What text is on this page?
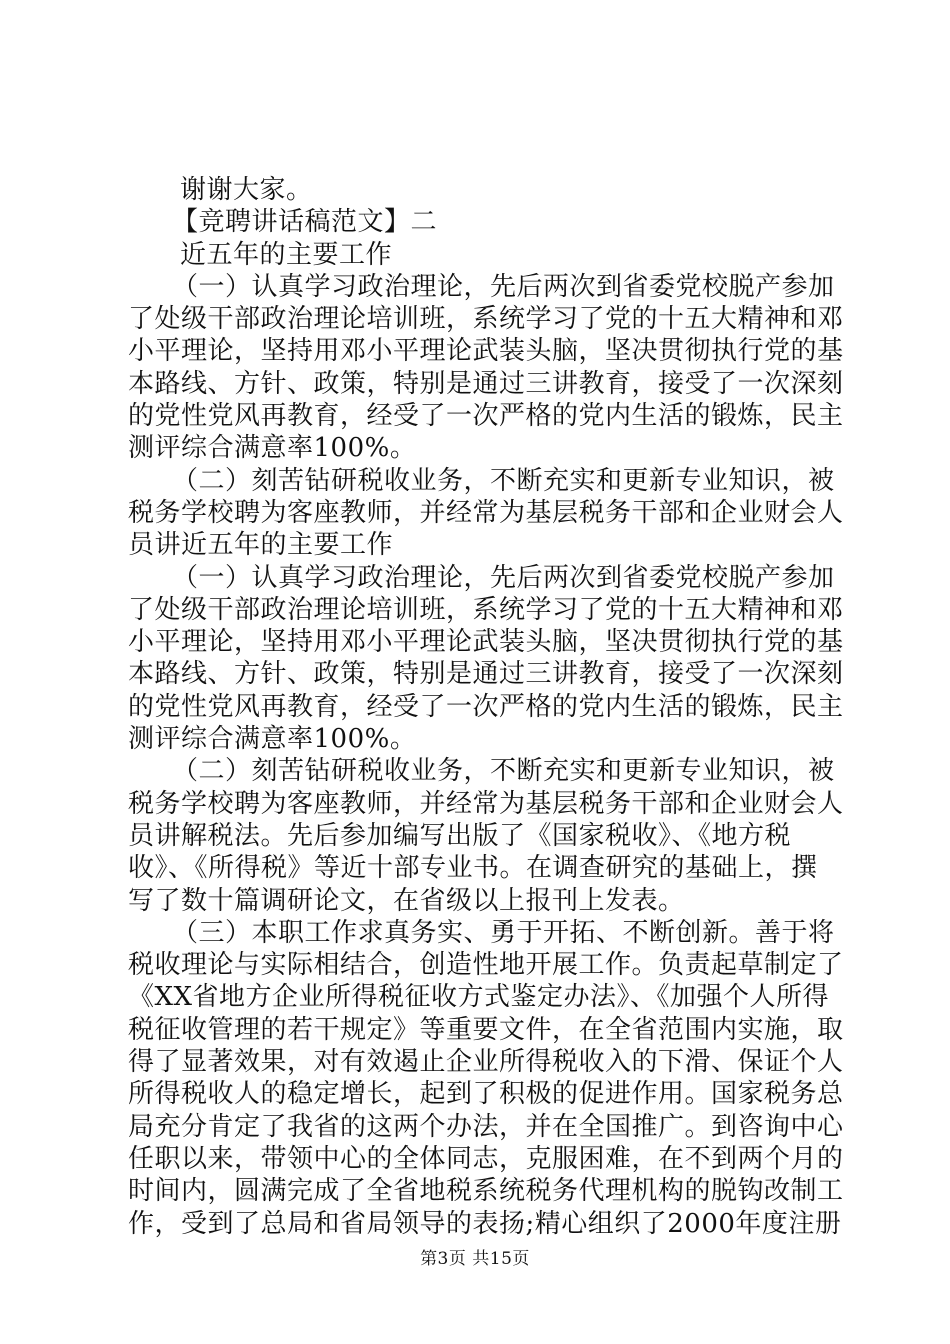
谢谢大家。
【竞聘讲话稿范文】二
近五年的主要工作
（一）认真学习政治理论，先后两次到省委党校脱产参加
了处级干部政治理论培训班，系统学习了党的十五大精神和邓
小平理论，坚持用邓小平理论武装头脑，坚决贯彻执行党的基
本路线、方针、政策，特别是通过三讲教育，接受了一次深刻
的党性党风再教育，经受了一次严格的党内生活的锻炼，民主
测评综合满意率100%。
（二）刻苦钻研税收业务，不断充实和更新专业知识，被
税务学校聘为客座教师，并经常为基层税务干部和企业财会人
员讲近五年的主要工作
（一）认真学习政治理论，先后两次到省委党校脱产参加
了处级干部政治理论培训班，系统学习了党的十五大精神和邓
小平理论，坚持用邓小平理论武装头脑，坚决贯彻执行党的基
本路线、方针、政策，特别是通过三讲教育，接受了一次深刻
的党性党风再教育，经受了一次严格的党内生活的锻炼，民主
测评综合满意率100%。
（二）刻苦钻研税收业务，不断充实和更新专业知识，被
税务学校聘为客座教师，并经常为基层税务干部和企业财会人
员讲解税法。先后参加编写出版了《国家税收》、《地方税
收》、《所得税》等近十部专业书。在调查研究的基础上，撰
写了数十篇调研论文，在省级以上报刊上发表。
（三）本职工作求真务实、勇于开拓、不断创新。善于将
税收理论与实际相结合，创造性地开展工作。负责起草制定了
《XX省地方企业所得税征收方式鉴定办法》、《加强个人所得
税征收管理的若干规定》等重要文件，在全省范围内实施，取
得了显著效果，对有效遏止企业所得税收入的下滑、保证个人
所得税收人的稳定增长，起到了积极的促进作用。国家税务总
局充分肯定了我省的这两个办法，并在全国推广。到咨询中心
任职以来，带领中心的全体同志，克服困难，在不到两个月的
时间内，圆满完成了全省地税系统税务代理机构的脱钩改制工
作，受到了总局和省局领导的表扬;精心组织了2000年度注册
第3页 共15页
